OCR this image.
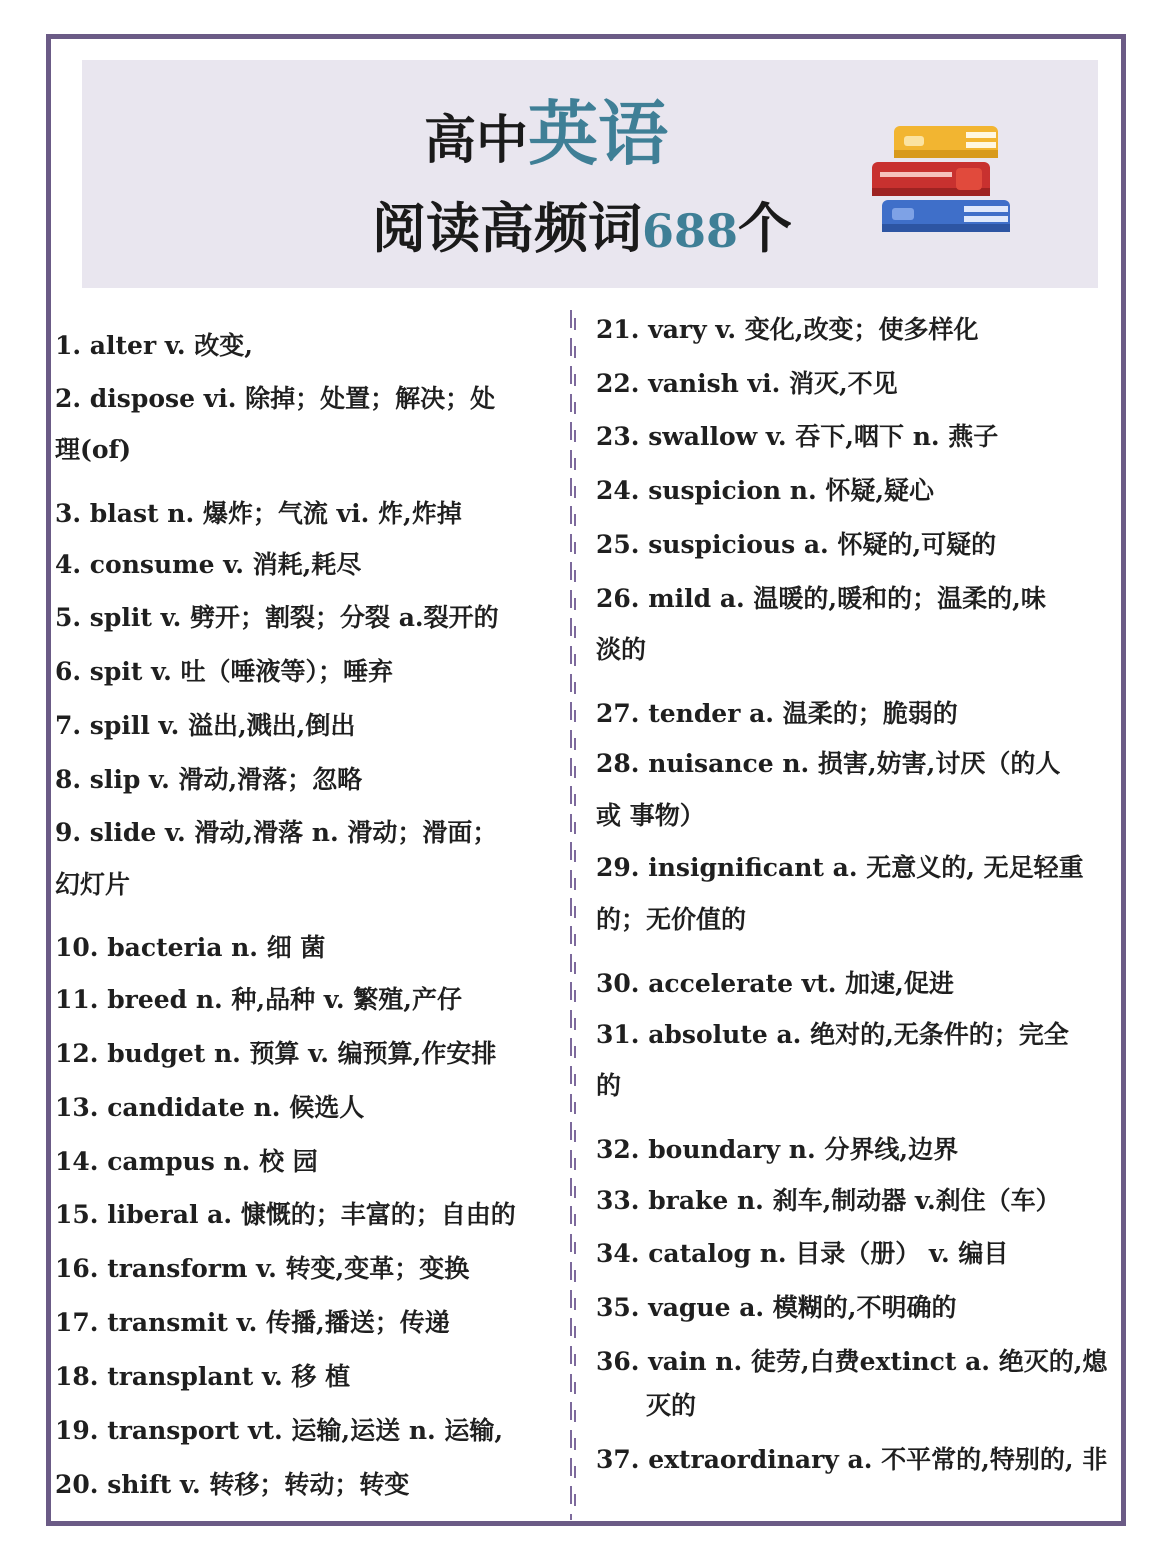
高中英语
阅读高频词688个
1. alter v. 改变,
2. dispose vi. 除掉；处置；解决；处
理(of)
3. blast n. 爆炸；气流 vi. 炸,炸掉
4. consume v. 消耗,耗尽
5. split v. 劈开；割裂；分裂 a.裂开的
6. spit v. 吐（唾液等）；唾弃
7. spill v. 溢出,溅出,倒出
8. slip v. 滑动,滑落；忽略
9. slide v. 滑动,滑落 n. 滑动；滑面；
幻灯片
10. bacteria n. 细 菌
11. breed n. 种,品种 v. 繁殖,产仔
12. budget n. 预算 v. 编预算,作安排
13. candidate n. 候选人
14. campus n. 校 园
15. liberal a. 慷慨的；丰富的；自由的
16. transform v. 转变,变革；变换
17. transmit v. 传播,播送；传递
18. transplant v. 移 植
19. transport vt. 运输,运送 n. 运输,
20. shift v. 转移；转动；转变
21. vary v. 变化,改变；使多样化
22. vanish vi. 消灭,不见
23. swallow v. 吞下,咽下 n. 燕子
24. suspicion n. 怀疑,疑心
25. suspicious a. 怀疑的,可疑的
26. mild a. 温暖的,暖和的；温柔的,味
淡的
27. tender a. 温柔的；脆弱的
28. nuisance n. 损害,妨害,讨厌（的人
或 事物）
29. insignificant a. 无意义的, 无足轻重
的；无价值的
30. accelerate vt. 加速,促进
31. absolute a. 绝对的,无条件的；完全
的
32. boundary n. 分界线,边界
33. brake n. 刹车,制动器 v.刹住（车）
34. catalog n. 目录（册） v. 编目
35. vague a. 模糊的,不明确的
36. vain n. 徒劳,白费extinct a. 绝灭的,熄
灭的
37. extraordinary a. 不平常的,特别的, 非
